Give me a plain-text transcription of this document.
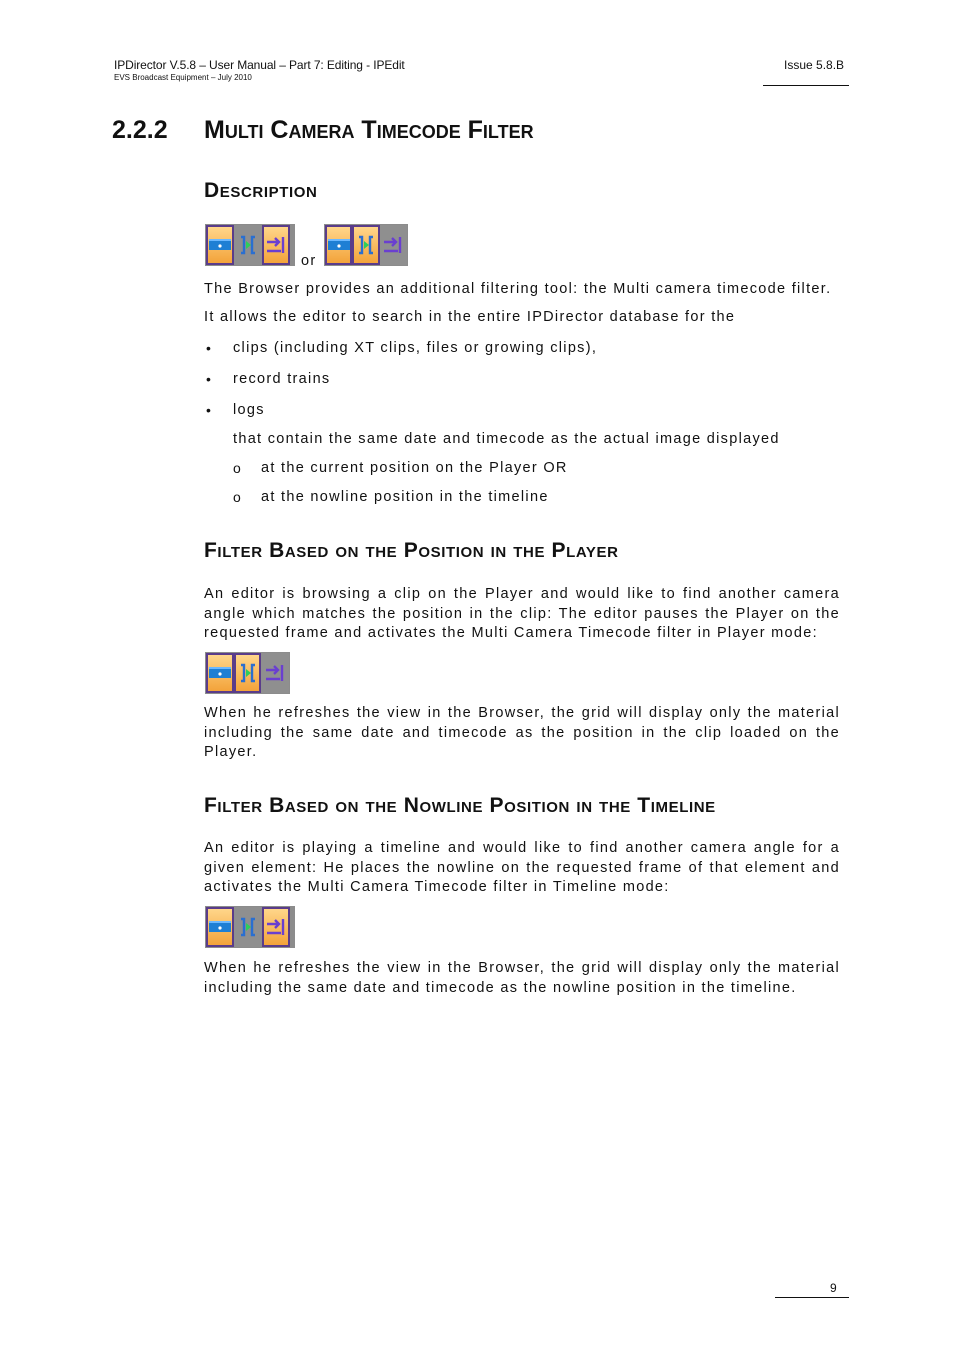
IPDirector V.5.8 – User Manual – Part 7: Editing - IPEdit
EVS Broadcast Equipment – July 2010
Issue 5.8.B
2.2.2 Multi Camera Timecode Filter
Description
or
The Browser provides an additional filtering tool: the Multi camera timecode filter.
It allows the editor to search in the entire IPDirector database for the
• clips (including XT clips, files or growing clips),
• record trains
• logs
that contain the same date and timecode as the actual image displayed
o at the current position on the Player OR
o at the nowline position in the timeline
Filter Based on the Position in the Player
An editor is browsing a clip on the Player and would like to find another camera angle which matches the position in the clip: The editor pauses the Player on the requested frame and activates the Multi Camera Timecode filter in Player mode:
When he refreshes the view in the Browser, the grid will display only the material including the same date and timecode as the position in the clip loaded on the Player.
Filter Based on the Nowline Position in the Timeline
An editor is playing a timeline and would like to find another camera angle for a given element: He places the nowline on the requested frame of that element and activates the Multi Camera Timecode filter in Timeline mode:
When he refreshes the view in the Browser, the grid will display only the material including the same date and timecode as the nowline position in the timeline.
9
